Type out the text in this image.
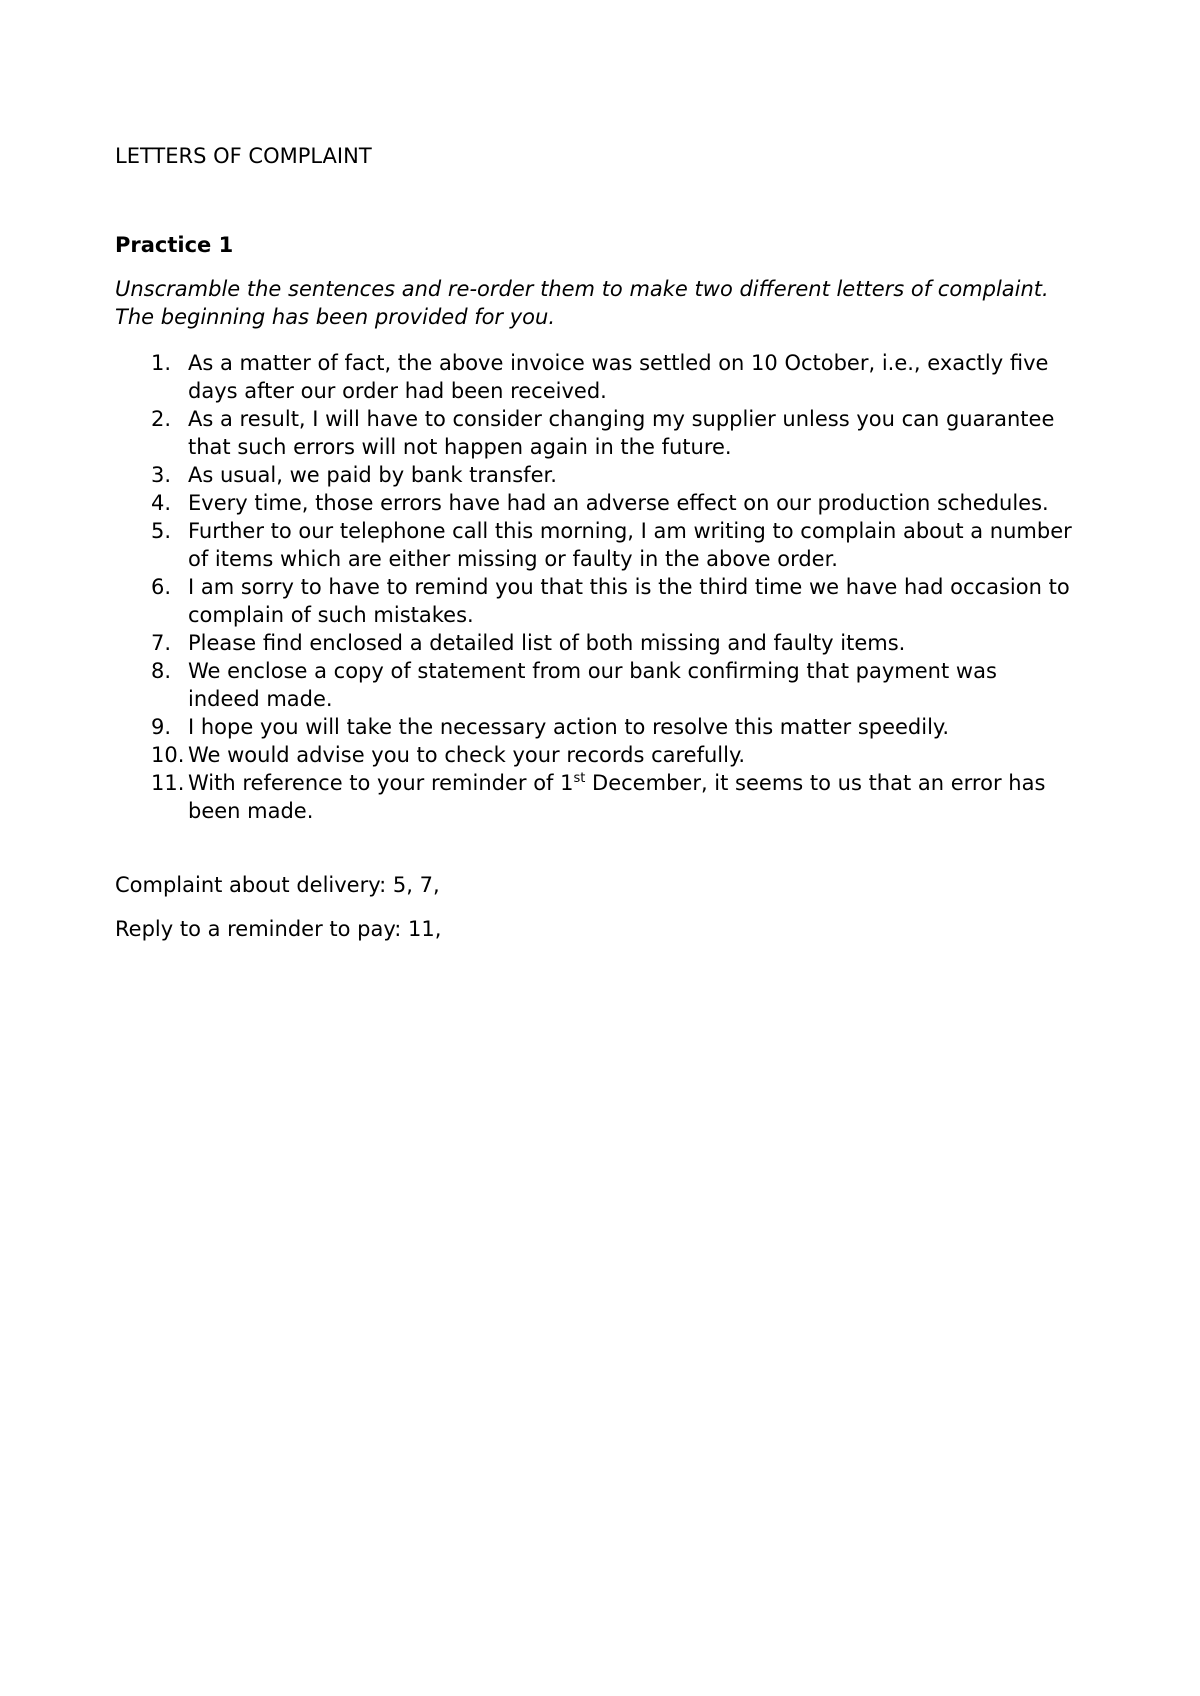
LETTERS OF COMPLAINT

Practice 1

Unscramble the sentences and re-order them to make two different letters of complaint. The beginning has been provided for you.

1. As a matter of fact, the above invoice was settled on 10 October, i.e., exactly five days after our order had been received.
2. As a result, I will have to consider changing my supplier unless you can guarantee that such errors will not happen again in the future.
3. As usual, we paid by bank transfer.
4. Every time, those errors have had an adverse effect on our production schedules.
5. Further to our telephone call this morning, I am writing to complain about a number of items which are either missing or faulty in the above order.
6. I am sorry to have to remind you that this is the third time we have had occasion to complain of such mistakes.
7. Please find enclosed a detailed list of both missing and faulty items.
8. We enclose a copy of statement from our bank confirming that payment was indeed made.
9. I hope you will take the necessary action to resolve this matter speedily.
10. We would advise you to check your records carefully.
11. With reference to your reminder of 1st December, it seems to us that an error has been made.

Complaint about delivery: 5, 7,

Reply to a reminder to pay: 11,
